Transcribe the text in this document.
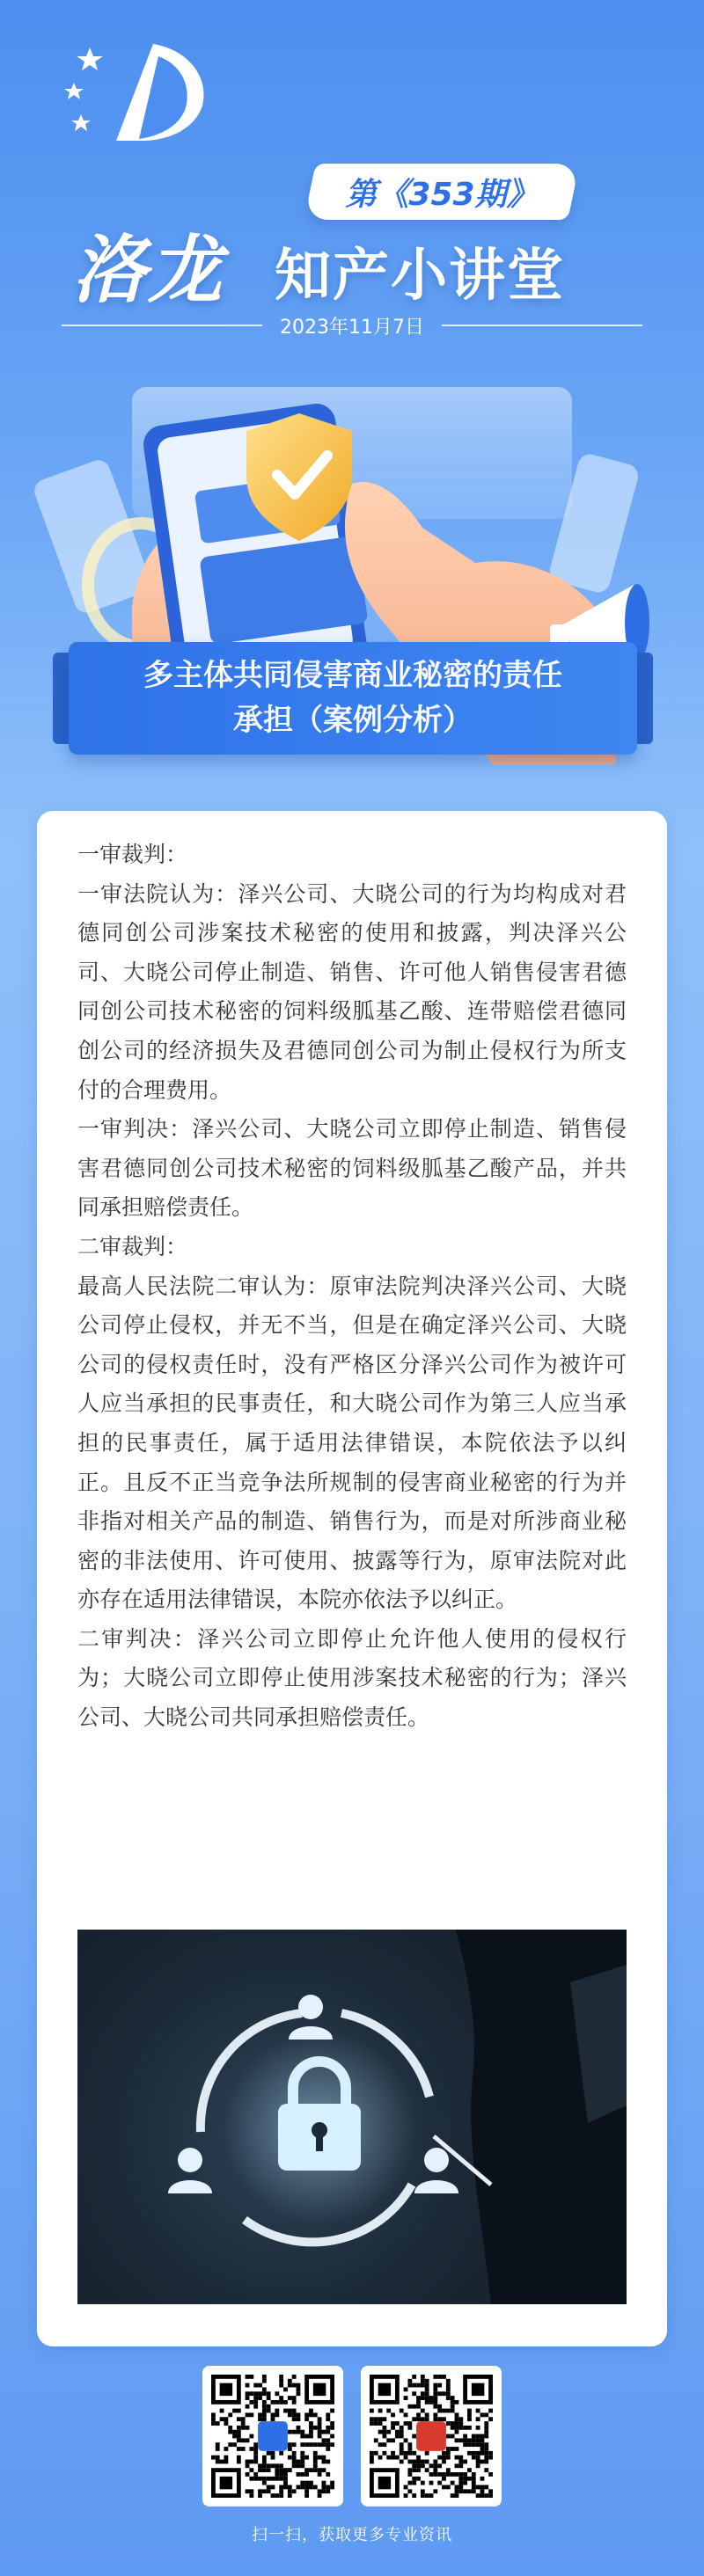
第《353期》
洛龙 知产小讲堂
2023年11月7日
多主体共同侵害商业秘密的责任
承担（案例分析）

一审裁判：

一审法院认为：泽兴公司、大晓公司的行为均构成对君德同创公司涉案技术秘密的使用和披露，判决泽兴公司、大晓公司停止制造、销售、许可他人销售侵害君德同创公司技术秘密的饲料级胍基乙酸、连带赔偿君德同创公司的经济损失及君德同创公司为制止侵权行为所支付的合理费用。

一审判决：泽兴公司、大晓公司立即停止制造、销售侵害君德同创公司技术秘密的饲料级胍基乙酸产品，并共同承担赔偿责任。

二审裁判：

最高人民法院二审认为：原审法院判决泽兴公司、大晓公司停止侵权，并无不当，但是在确定泽兴公司、大晓公司的侵权责任时，没有严格区分泽兴公司作为被许可人应当承担的民事责任，和大晓公司作为第三人应当承担的民事责任，属于适用法律错误，本院依法予以纠正。且反不正当竞争法所规制的侵害商业秘密的行为并非指对相关产品的制造、销售行为，而是对所涉商业秘密的非法使用、许可使用、披露等行为，原审法院对此亦存在适用法律错误，本院亦依法予以纠正。

二审判决：泽兴公司立即停止允许他人使用的侵权行为；大晓公司立即停止使用涉案技术秘密的行为；泽兴公司、大晓公司共同承担赔偿责任。

扫一扫，获取更多专业资讯
